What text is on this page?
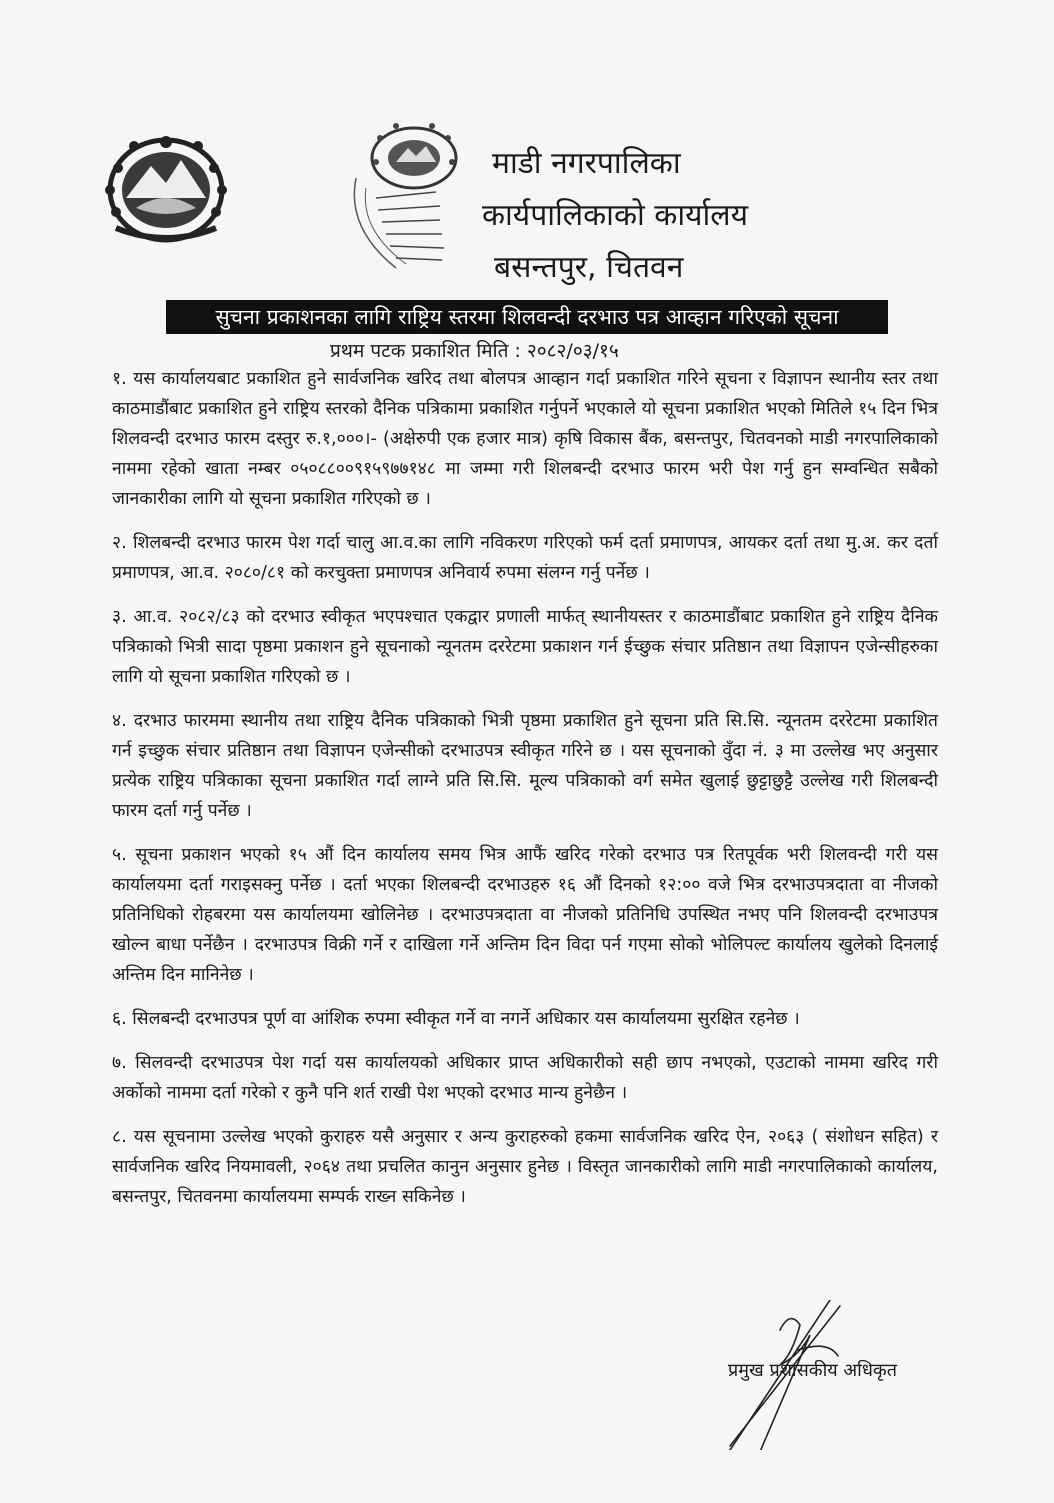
माडी नगरपालिका
कार्यपालिकाको कार्यालय
बसन्तपुर, चितवन
सुचना प्रकाशनका लागि राष्ट्रिय स्तरमा शिलवन्दी दरभाउ पत्र आव्हान गरिएको सूचना
प्रथम पटक प्रकाशित मिति : २०८२/०३/१५

१. यस कार्यालयबाट प्रकाशित हुने सार्वजनिक खरिद तथा बोलपत्र आव्हान गर्दा प्रकाशित गरिने सूचना र विज्ञापन स्थानीय स्तर तथा काठमाडौंबाट प्रकाशित हुने राष्ट्रिय स्तरको दैनिक पत्रिकामा प्रकाशित गर्नुपर्ने भएकाले यो सूचना प्रकाशित भएको मितिले १५ दिन भित्र शिलवन्दी दरभाउ फारम दस्तुर रु.१,०००।- (अक्षेरुपी एक हजार मात्र) कृषि विकास बैंक, बसन्तपुर, चितवनको माडी नगरपालिकाको नाममा रहेको खाता नम्बर ०५०८८००९१५९७७१४८ मा जम्मा गरी शिलबन्दी दरभाउ फारम भरी पेश गर्नु हुन सम्वन्धित सबैको जानकारीका लागि यो सूचना प्रकाशित गरिएको छ ।

२. शिलबन्दी दरभाउ फारम पेश गर्दा चालु आ.व.का लागि नविकरण गरिएको फर्म दर्ता प्रमाणपत्र, आयकर दर्ता तथा मु.अ. कर दर्ता प्रमाणपत्र, आ.व. २०८०/८१ को करचुक्ता प्रमाणपत्र अनिवार्य रुपमा संलग्न गर्नु पर्नेछ ।

३. आ.व. २०८२/८३ को दरभाउ स्वीकृत भएपश्चात एकद्वार प्रणाली मार्फत् स्थानीयस्तर र काठमाडौंबाट प्रकाशित हुने राष्ट्रिय दैनिक पत्रिकाको भित्री सादा पृष्ठमा प्रकाशन हुने सूचनाको न्यूनतम दररेटमा प्रकाशन गर्न ईच्छुक संचार प्रतिष्ठान तथा विज्ञापन एजेन्सीहरुका लागि यो सूचना प्रकाशित गरिएको छ ।

४. दरभाउ फारममा स्थानीय तथा राष्ट्रिय दैनिक पत्रिकाको भित्री पृष्ठमा प्रकाशित हुने सूचना प्रति सि.सि. न्यूनतम दररेटमा प्रकाशित गर्न इच्छुक संचार प्रतिष्ठान तथा विज्ञापन एजेन्सीको दरभाउपत्र स्वीकृत गरिने छ । यस सूचनाको वुँदा नं. ३ मा उल्लेख भए अनुसार प्रत्येक राष्ट्रिय पत्रिकाका सूचना प्रकाशित गर्दा लाग्ने प्रति सि.सि. मूल्य पत्रिकाको वर्ग समेत खुलाई छुट्टाछुट्टै उल्लेख गरी शिलबन्दी फारम दर्ता गर्नु पर्नेछ ।

५. सूचना प्रकाशन भएको १५ औं दिन कार्यालय समय भित्र आफैं खरिद गरेको दरभाउ पत्र रितपूर्वक भरी शिलवन्दी गरी यस कार्यालयमा दर्ता गराइसक्नु पर्नेछ । दर्ता भएका शिलबन्दी दरभाउहरु १६ औं दिनको १२:०० वजे भित्र दरभाउपत्रदाता वा नीजको प्रतिनिधिको रोहबरमा यस कार्यालयमा खोलिनेछ । दरभाउपत्रदाता वा नीजको प्रतिनिधि उपस्थित नभए पनि शिलवन्दी दरभाउपत्र खोल्न बाधा पर्नेछैन । दरभाउपत्र विक्री गर्ने र दाखिला गर्ने अन्तिम दिन विदा पर्न गएमा सोको भोलिपल्ट कार्यालय खुलेको दिनलाई अन्तिम दिन मानिनेछ ।

६. सिलबन्दी दरभाउपत्र पूर्ण वा आंशिक रुपमा स्वीकृत गर्ने वा नगर्ने अधिकार यस कार्यालयमा सुरक्षित रहनेछ ।

७. सिलवन्दी दरभाउपत्र पेश गर्दा यस कार्यालयको अधिकार प्राप्त अधिकारीको सही छाप नभएको, एउटाको नाममा खरिद गरी अर्कोको नाममा दर्ता गरेको र कुनै पनि शर्त राखी पेश भएको दरभाउ मान्य हुनेछैन ।

८. यस सूचनामा उल्लेख भएको कुराहरु यसै अनुसार र अन्य कुराहरुको हकमा सार्वजनिक खरिद ऐन, २०६३ ( संशोधन सहित) र सार्वजनिक खरिद नियमावली, २०६४ तथा प्रचलित कानुन अनुसार हुनेछ । विस्तृत जानकारीको लागि माडी नगरपालिकाको कार्यालय, बसन्तपुर, चितवनमा कार्यालयमा सम्पर्क राख्न सकिनेछ ।

प्रमुख प्रशासकीय अधिकृत
